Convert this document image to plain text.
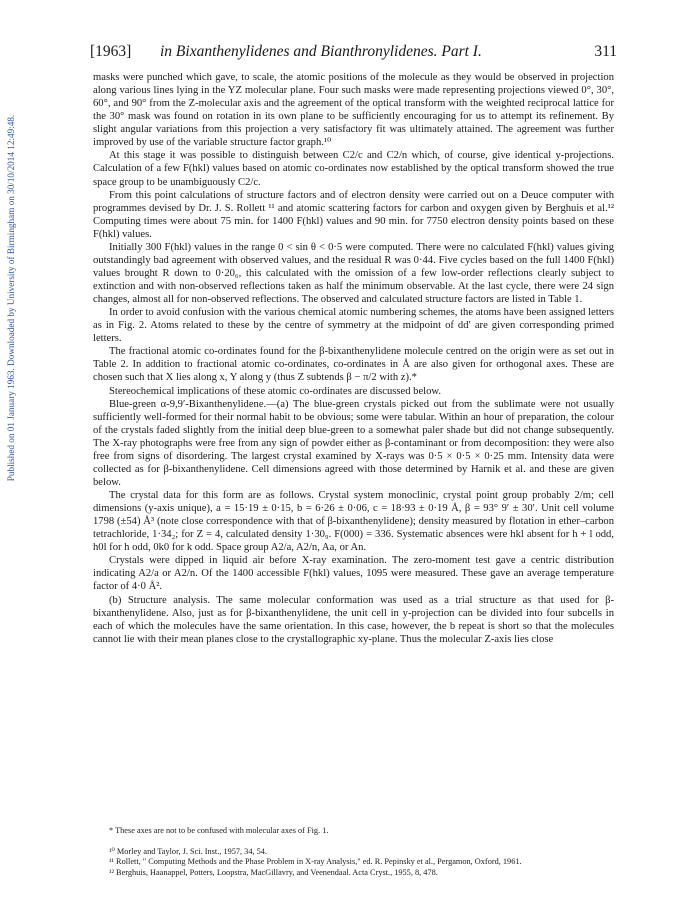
Published on 01 January 1963. Downloaded by University of Birmingham on 30/10/2014 12:49:48.
[1963] in Bixanthenylidenes and Bianthronylidenes. Part I.	311

masks were punched which gave, to scale, the atomic positions of the molecule as they would be observed in projection along various lines lying in the YZ molecular plane. Four such masks were made representing projections viewed 0°, 30°, 60°, and 90° from the Z-molecular axis and the agreement of the optical transform with the weighted reciprocal lattice for the 30° mask was found on rotation in its own plane to be sufficiently encouraging for us to attempt its refinement. By slight angular variations from this projection a very satisfactory fit was ultimately attained. The agreement was further improved by use of the variable structure factor graph.¹⁰

At this stage it was possible to distinguish between C2/c and C2/n which, of course, give identical y-projections. Calculation of a few F(hkl) values based on atomic co-ordinates now established by the optical transform showed the true space group to be unambiguously C2/c.

From this point calculations of structure factors and of electron density were carried out on a Deuce computer with programmes devised by Dr. J. S. Rollett ¹¹ and atomic scattering factors for carbon and oxygen given by Berghuis et al.¹² Computing times were about 75 min. for 1400 F(hkl) values and 90 min. for 7750 electron density points based on these F(hkl) values.

Initially 300 F(hkl) values in the range 0 < sin θ < 0·5 were computed. There were no calculated F(hkl) values giving outstandingly bad agreement with observed values, and the residual R was 0·44. Five cycles based on the full 1400 F(hkl) values brought R down to 0·20₆, this calculated with the omission of a few low-order reflections clearly subject to extinction and with non-observed reflections taken as half the minimum observable. At the last cycle, there were 24 sign changes, almost all for non-observed reflections. The observed and calculated structure factors are listed in Table 1.

In order to avoid confusion with the various chemical atomic numbering schemes, the atoms have been assigned letters as in Fig. 2. Atoms related to these by the centre of symmetry at the midpoint of dd′ are given corresponding primed letters.

The fractional atomic co-ordinates found for the β-bixanthenylidene molecule centred on the origin were as set out in Table 2. In addition to fractional atomic co-ordinates, co-ordinates in Å are also given for orthogonal axes. These are chosen such that X lies along x, Y along y (thus Z subtends β − π/2 with z).*

Stereochemical implications of these atomic co-ordinates are discussed below.

Blue-green α-9,9′-Bixanthenylidene.—(a) The blue-green crystals picked out from the sublimate were not usually sufficiently well-formed for their normal habit to be obvious; some were tabular. Within an hour of preparation, the colour of the crystals faded slightly from the initial deep blue-green to a somewhat paler shade but did not change subsequently. The X-ray photographs were free from any sign of powder either as β-contaminant or from decomposition: they were also free from signs of disordering. The largest crystal examined by X-rays was 0·5 × 0·5 × 0·25 mm. Intensity data were collected as for β-bixanthenylidene. Cell dimensions agreed with those determined by Harnik et al. and these are given below.

The crystal data for this form are as follows. Crystal system monoclinic, crystal point group probably 2/m; cell dimensions (y-axis unique), a = 15·19 ± 0·15, b = 6·26 ± 0·06, c = 18·93 ± 0·19 Å, β = 93° 9′ ± 30′. Unit cell volume 1798 (±54) Å³ (note close correspondence with that of β-bixanthenylidene); density measured by flotation in ether–carbon tetrachloride, 1·34₂; for Z = 4, calculated density 1·30₉. F(000) = 336. Systematic absences were hkl absent for h + l odd, h0l for h odd, 0k0 for k odd. Space group A2/a, A2/n, Aa, or An.

Crystals were dipped in liquid air before X-ray examination. The zero-moment test gave a centric distribution indicating A2/a or A2/n. Of the 1400 accessible F(hkl) values, 1095 were measured. These gave an average temperature factor of 4·0 Å².

(b) Structure analysis. The same molecular conformation was used as a trial structure as that used for β-bixanthenylidene. Also, just as for β-bixanthenylidene, the unit cell in y-projection can be divided into four subcells in each of which the molecules have the same orientation. In this case, however, the b repeat is short so that the molecules cannot lie with their mean planes close to the crystallographic xy-plane. Thus the molecular Z-axis lies close

* These axes are not to be confused with molecular axes of Fig. 1.

¹⁰ Morley and Taylor, J. Sci. Inst., 1957, 34, 54.

¹¹ Rollett, " Computing Methods and the Phase Problem in X-ray Analysis," ed. R. Pepinsky et al., Pergamon, Oxford, 1961.

¹² Berghuis, Haanappel, Potters, Loopstra, MacGillavry, and Veenendaal. Acta Cryst., 1955, 8, 478.
